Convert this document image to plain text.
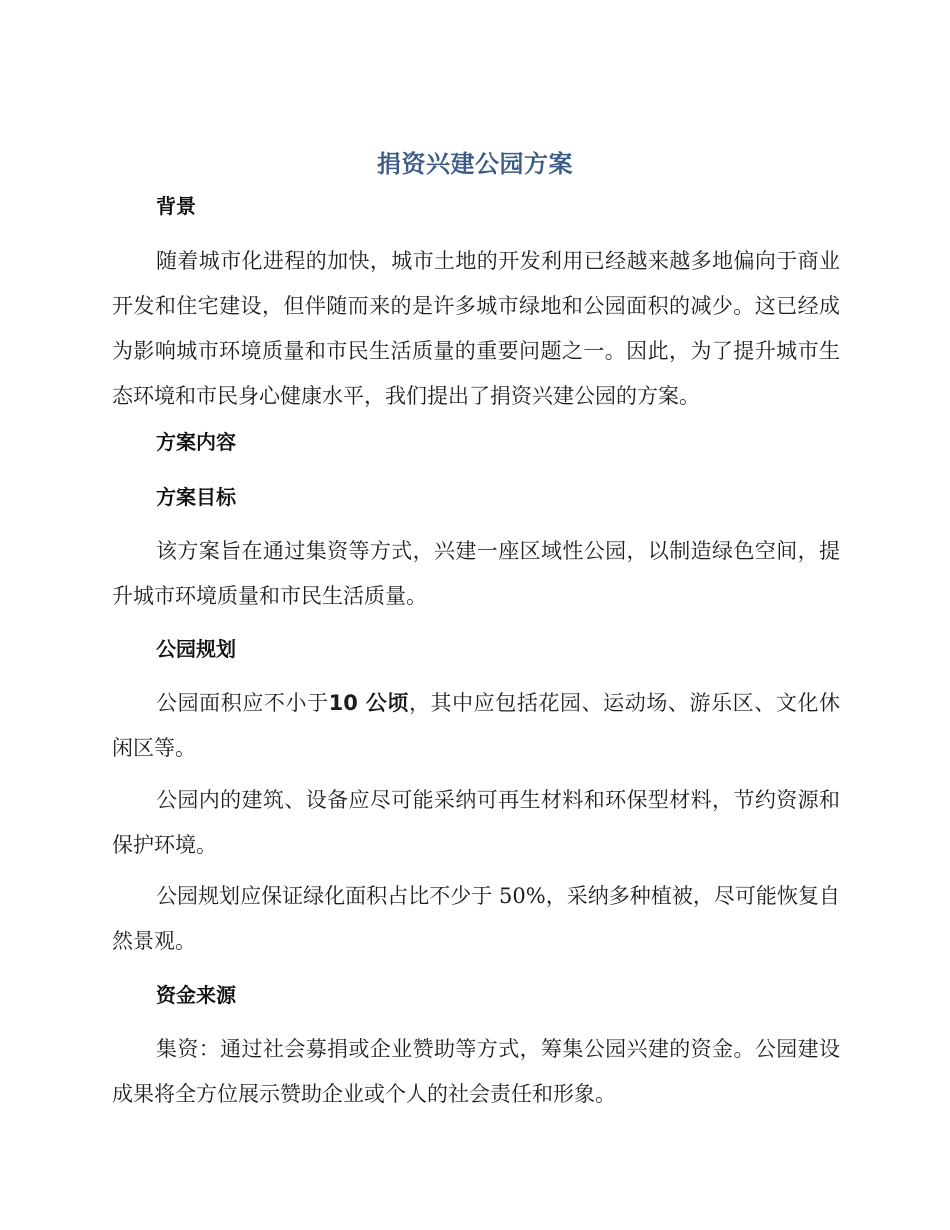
捐资兴建公园方案
背景
随着城市化进程的加快，城市土地的开发利用已经越来越多地偏向于商业开发和住宅建设，但伴随而来的是许多城市绿地和公园面积的减少。这已经成为影响城市环境质量和市民生活质量的重要问题之一。因此，为了提升城市生态环境和市民身心健康水平，我们提出了捐资兴建公园的方案。
方案内容
方案目标
该方案旨在通过集资等方式，兴建一座区域性公园，以制造绿色空间，提升城市环境质量和市民生活质量。
公园规划
公园面积应不小于10 公顷，其中应包括花园、运动场、游乐区、文化休闲区等。
公园内的建筑、设备应尽可能采纳可再生材料和环保型材料，节约资源和保护环境。
公园规划应保证绿化面积占比不少于 50%，采纳多种植被，尽可能恢复自然景观。
资金来源
集资：通过社会募捐或企业赞助等方式，筹集公园兴建的资金。公园建设成果将全方位展示赞助企业或个人的社会责任和形象。
